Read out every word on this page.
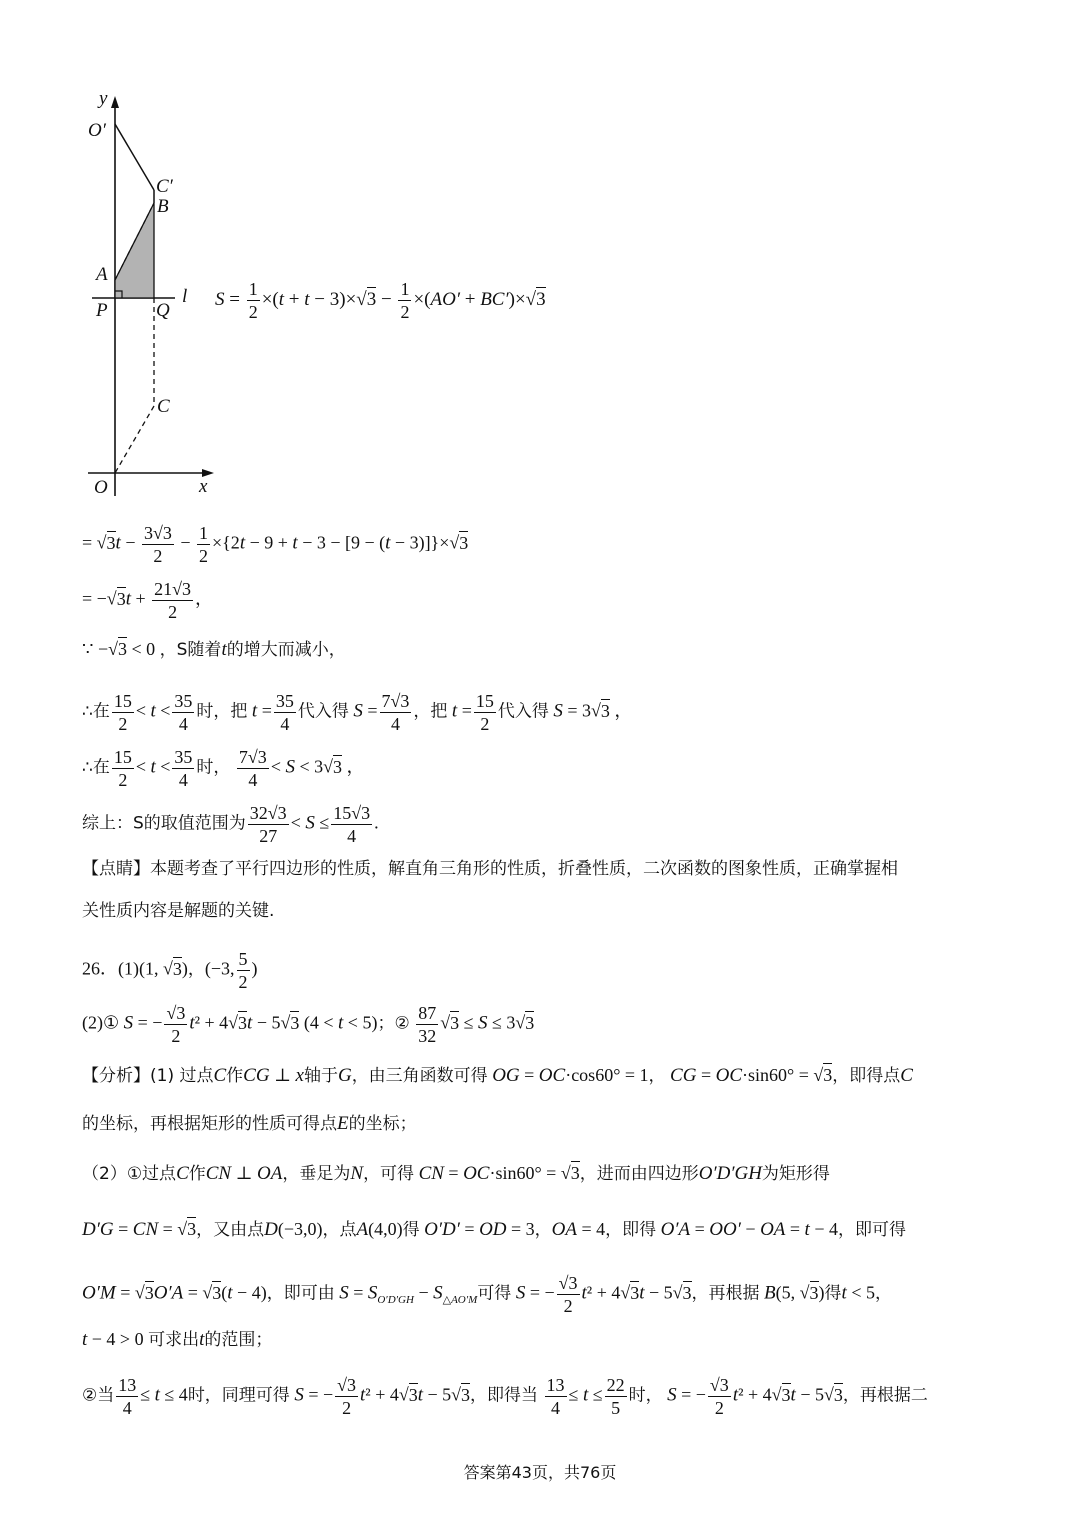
y
O′
C′
B
A
P	Q
l
C
O	x
$S = \frac{1}{2} \times(t + t - 3)\times√3 - \frac{1}{2} \times(AO' + BC')\times√3$
= $√3t - \frac{3√3}{2} - \frac{1}{2} \times\{2t - 9 + t - 3 - [9 - (t - 3)]\}\times√3$
= $-√3t + \frac{21√3}{2}$ ，
∵ −√3 < 0 ，S随着t的增大而减小，
∴在 $\frac{15}{2} < t < \frac{35}{4}$ 时，把 $t = \frac{35}{4}$ 代入得 $S = \frac{7√3}{4}$ ，把 $t = \frac{15}{2}$ 代入得 S = 3√3 ，
∴在 $\frac{15}{2} < t < \frac{35}{4}$ 时， $\frac{7√3}{4} < S < 3√3$ ，
综上：S的取值范围为 $\frac{32√3}{27} < S \le \frac{15√3}{4}$ .
【点睛】本题考查了平行四边形的性质，解直角三角形的性质，折叠性质，二次函数的图象性质，正确掌握相
关性质内容是解题的关键.
26．(1)(1, √3)，(−3, $\frac{5}{2}$ )
(2)① S = − $\frac{√3}{2} t^2 + 4√3t - 5√3$ (4 < t < 5)；② $\frac{87}{32} √3 \le S \le 3√3$
【分析】(1) 过点C作CG ⊥ x轴于G，由三角函数可得 OG = OC·cos60° = 1， CG = OC·sin60° = √3，即得点C
的坐标，再根据矩形的性质可得点E的坐标；
（2）①过点C作CN ⊥ OA，垂足为N，可得 CN = OC·sin60° = √3，进而由四边形O′D′GH为矩形得
D′G = CN = √3，又由点D(−3,0)，点A(4,0)得 O′D′ = OD = 3，OA = 4，即得 O′A = OO′ − OA = t − 4，即可得
O′M = √3O′A = √3(t − 4)，即可由 $S = S_{O'D'GH} - S_{\triangle AO'M}$可得 S = − $\frac{√3}{2} t^2 + 4√3t - 5√3$，再根据 B(5, √3)得t < 5，
t − 4 > 0 可求出t的范围；
②当 $\frac{13}{4} \le t \le 4$时，同理可得 S = − $\frac{√3}{2} t^2 + 4√3t - 5√3$，即得当 $\frac{13}{4} \le t \le \frac{22}{5}$ 时， S = − $\frac{√3}{2} t^2 + 4√3t - 5√3$，再根据二
答案第43页，共76页
